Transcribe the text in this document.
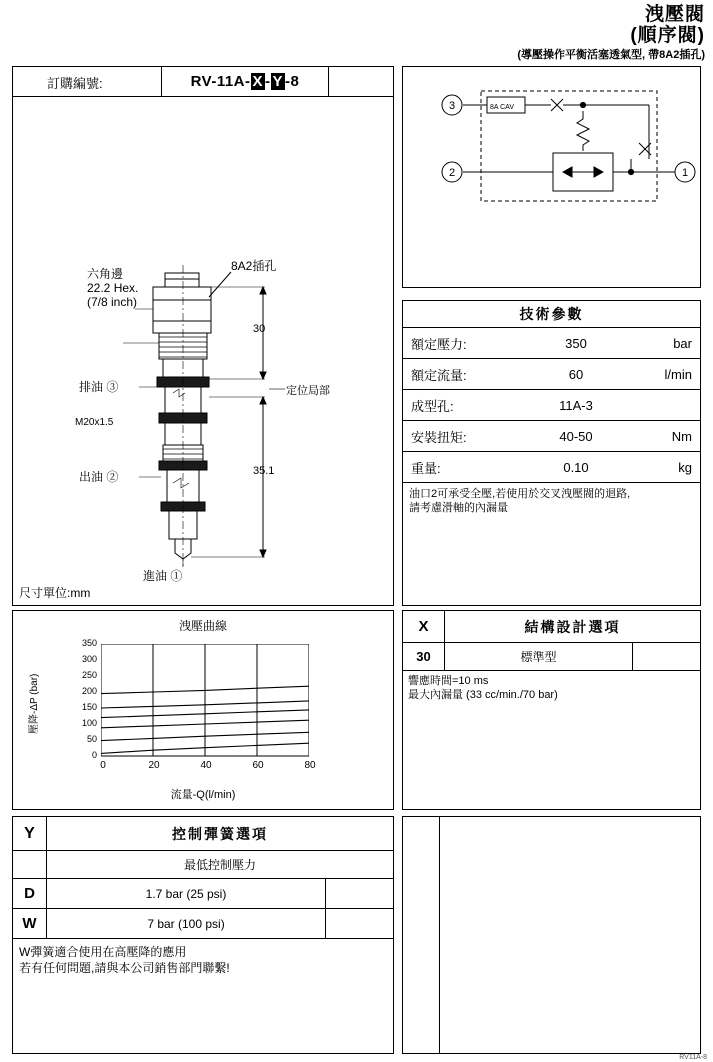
洩壓閥
(順序閥)
(導壓操作平衡活塞透氣型, 帶8A2插孔)
訂購編號:	RV-11A- X - Y -8
六角邊
22.2 Hex.
(7/8 inch)
8A2插孔
排油 ③
M20x1.5
出油 ②
進油 ①
30
35.1
定位局部
尺寸單位:mm
8A CAV
3
2	1
技術參數
額定壓力:	350	bar
額定流量:	60	l/min
成型孔:	11A-3
安裝扭矩:	40-50	Nm
重量:	0.10	kg
油口2可承受全壓,若使用於交叉洩壓閥的迴路,
請考慮滑軸的內漏量
洩壓曲線
壓降-ΔP (bar)
350
300
250
200
150
100
50
0
0	20	40	60	80
流量-Q(l/min)
X	結構設計選項
30	標準型
響應時間=10 ms
最大內漏量 (33 cc/min./70 bar)
Y	控制彈簧選項
最低控制壓力
D	1.7 bar (25 psi)
W	7 bar (100 psi)
W彈簧適合使用在高壓降的應用
若有任何問題,請與本公司銷售部門聯繫!
RV11A-8
